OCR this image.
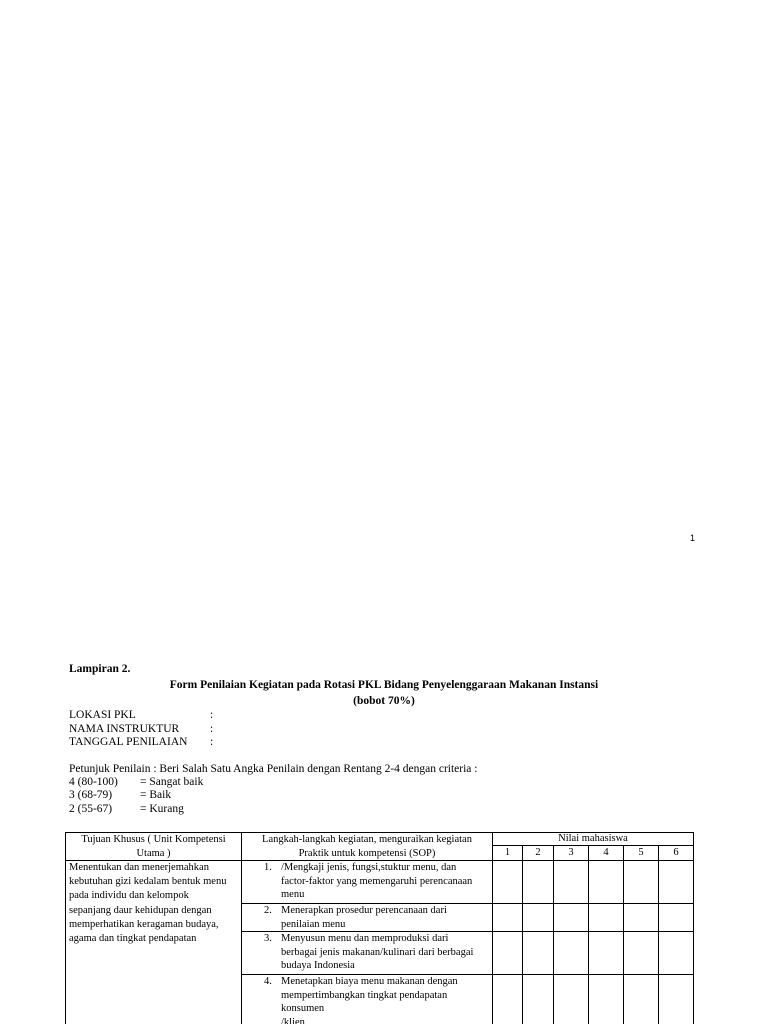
1
Lampiran 2.
Form Penilaian Kegiatan pada Rotasi PKL Bidang Penyelenggaraan Makanan Instansi
(bobot 70%)
LOKASI PKL	:
NAMA INSTRUKTUR	:
TANGGAL PENILAIAN :
Petunjuk Penilain : Beri Salah Satu Angka Penilain dengan Rentang 2-4 dengan criteria :
4 (80-100) = Sangat baik
3 (68-79) = Baik
2 (55-67) = Kurang
Tujuan Khusus ( Unit Kompetensi
Utama )
Langkah-langkah kegiatan, menguraikan kegiatan
Praktik untuk kompetensi (SOP)
Nilai mahasiswa
1	2	3	4	5	6
Menentukan dan menerjemahkan
kebutuhan gizi kedalam bentuk menu
pada individu dan kelompok
sepanjang daur kehidupan dengan
memperhatikan keragaman budaya,
agama dan tingkat pendapatan
1. /Mengkaji jenis, fungsi,stuktur menu, dan
factor-faktor yang memengaruhi perencanaan
menu
2. Menerapkan prosedur perencanaan dari
penilaian menu
3. Menyusun menu dan memproduksi dari
berbagai jenis makanan/kulinari dari berbagai
budaya Indonesia
4. Menetapkan biaya menu makanan dengan
mempertimbangkan tingkat pendapatan
konsumen
/klien
